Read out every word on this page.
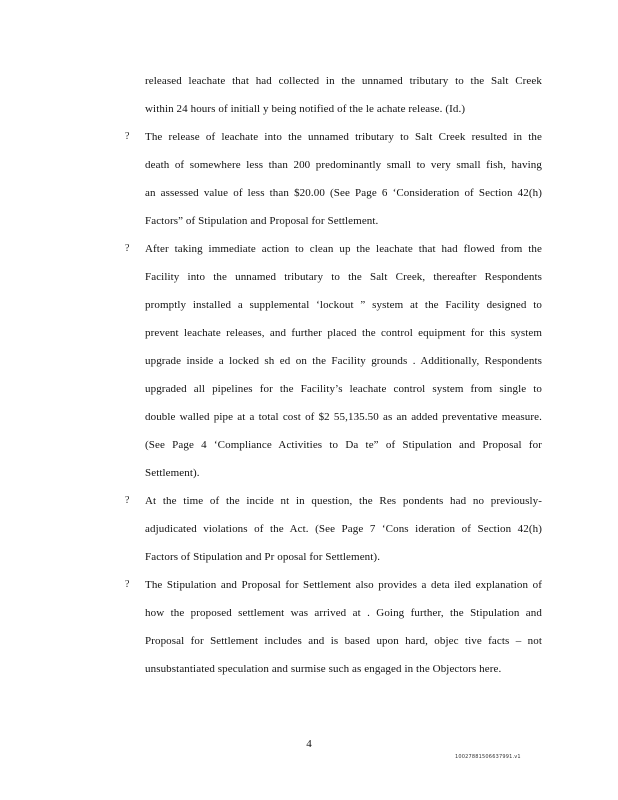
released leachate that had collected in the unnamed tributary to the Salt Creek
within 24 hours of initiall y being notified of the le achate release. (Id.)
? The release of leachate into the unnamed tributary to Salt Creek resulted in the
death of somewhere less than 200 predominantly small to very small fish, having
an assessed value of less than $20.00 (See Page 6 ‘Consideration of Section 42(h)
Factors” of Stipulation and Proposal for Settlement.
? After taking immediate action to clean up the leachate that had flowed from the
Facility into the unnamed tributary to the Salt Creek, thereafter Respondents
promptly installed a supplemental ‘lockout ” system at the Facility designed to
prevent leachate releases, and further placed the control equipment for this system
upgrade inside a locked sh ed on the Facility grounds . Additionally, Respondents
upgraded all pipelines for the Facility’s leachate control system from single to
double walled pipe at a total cost of $2 55,135.50 as an added preventative measure.
(See Page 4 ‘Compliance Activities to Da te” of Stipulation and Proposal for
Settlement).
? At the time of the incide nt in question, the Res pondents had no previously-
adjudicated violations of the Act. (See Page 7 ‘Cons ideration of Section 42(h)
Factors of Stipulation and Pr oposal for Settlement).
? The Stipulation and Proposal for Settlement also provides a deta iled explanation of
how the proposed settlement was arrived at . Going further, the Stipulation and
Proposal for Settlement includes and is based upon hard, objec tive facts – not
unsubstantiated speculation and surmise such as engaged in the Objectors here.
4
10027881506637991.v1
